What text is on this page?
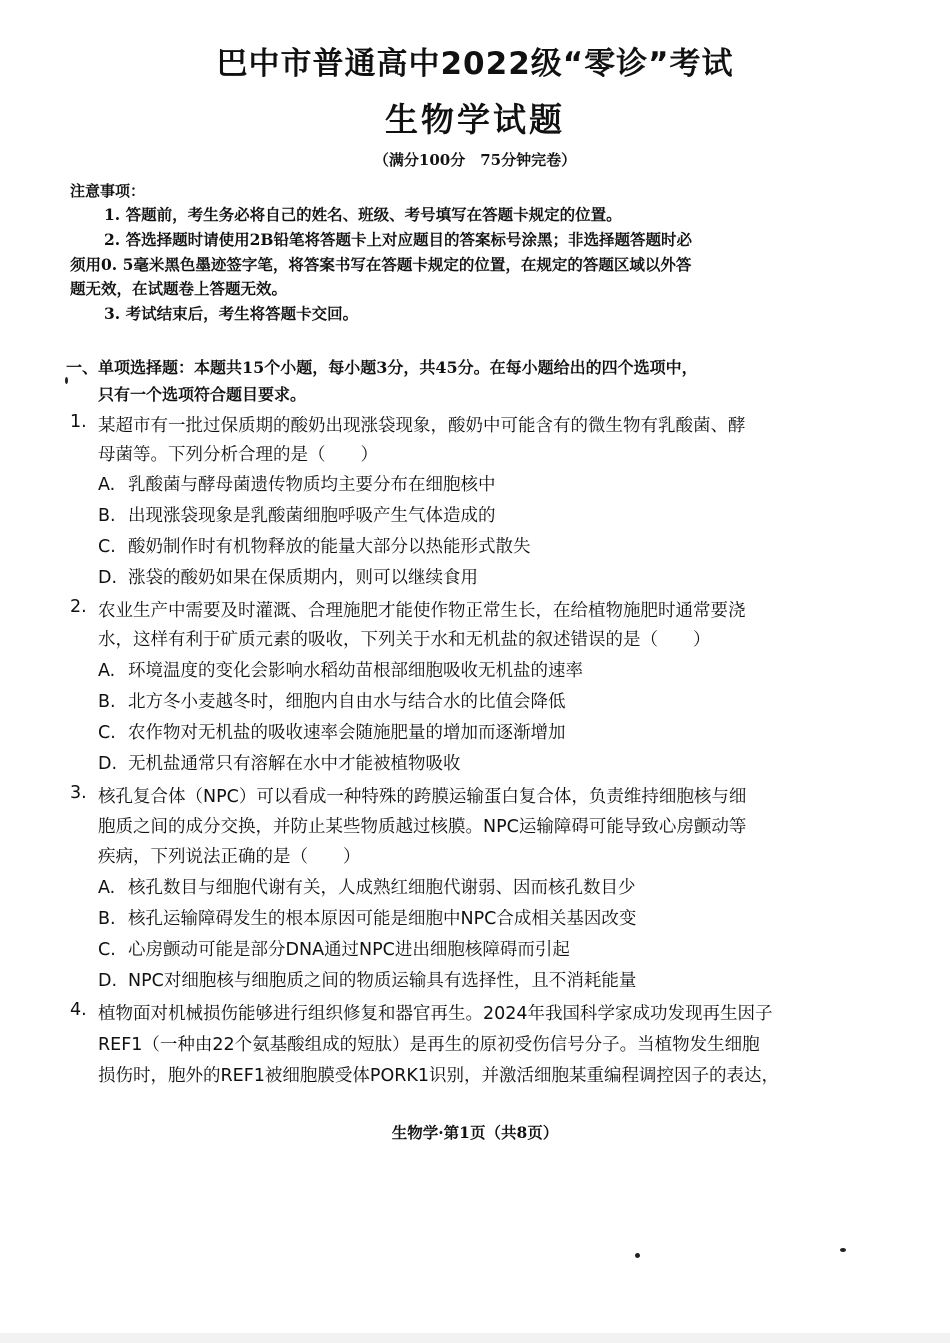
巴中市普通高中2022级“零诊”考试
生物学试题
（满分100分　75分钟完卷）
注意事项：
1. 答题前，考生务必将自己的姓名、班级、考号填写在答题卡规定的位置。
2. 答选择题时请使用2B铅笔将答题卡上对应题目的答案标号涂黑；非选择题答题时必
须用0. 5毫米黑色墨迹签字笔，将答案书写在答题卡规定的位置，在规定的答题区域以外答
题无效，在试题卷上答题无效。
3. 考试结束后，考生将答题卡交回。
一、单项选择题：本题共15个小题，每小题3分，共45分。在每小题给出的四个选项中，
只有一个选项符合题目要求。
1. 某超市有一批过保质期的酸奶出现涨袋现象，酸奶中可能含有的微生物有乳酸菌、酵
母菌等。下列分析合理的是（　　）
A. 乳酸菌与酵母菌遗传物质均主要分布在细胞核中
B. 出现涨袋现象是乳酸菌细胞呼吸产生气体造成的
C. 酸奶制作时有机物释放的能量大部分以热能形式散失
D. 涨袋的酸奶如果在保质期内，则可以继续食用
2. 农业生产中需要及时灌溉、合理施肥才能使作物正常生长，在给植物施肥时通常要浇
水，这样有利于矿质元素的吸收，下列关于水和无机盐的叙述错误的是（　　）
A. 环境温度的变化会影响水稻幼苗根部细胞吸收无机盐的速率
B. 北方冬小麦越冬时，细胞内自由水与结合水的比值会降低
C. 农作物对无机盐的吸收速率会随施肥量的增加而逐渐增加
D. 无机盐通常只有溶解在水中才能被植物吸收
3. 核孔复合体（NPC）可以看成一种特殊的跨膜运输蛋白复合体，负责维持细胞核与细
胞质之间的成分交换，并防止某些物质越过核膜。NPC运输障碍可能导致心房颤动等
疾病，下列说法正确的是（　　）
A. 核孔数目与细胞代谢有关，人成熟红细胞代谢弱、因而核孔数目少
B. 核孔运输障碍发生的根本原因可能是细胞中NPC合成相关基因改变
C. 心房颤动可能是部分DNA通过NPC进出细胞核障碍而引起
D. NPC对细胞核与细胞质之间的物质运输具有选择性，且不消耗能量
4. 植物面对机械损伤能够进行组织修复和器官再生。2024年我国科学家成功发现再生因子
REF1（一种由22个氨基酸组成的短肽）是再生的原初受伤信号分子。当植物发生细胞
损伤时，胞外的REF1被细胞膜受体PORK1识别，并激活细胞某重编程调控因子的表达，
生物学·第1页（共8页）
